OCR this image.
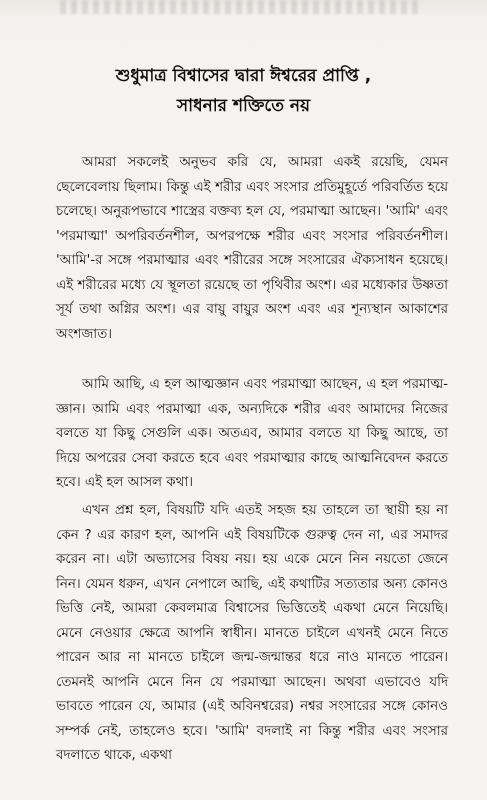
শুধুমাত্র বিশ্বাসের দ্বারা ঈশ্বরের প্রাপ্তি ,
সাধনার শক্তিতে নয়
আমরা সকলেই অনুভব করি যে, আমরা একই রয়েছি, যেমন ছেলেবেলায় ছিলাম। কিন্তু এই শরীর এবং সংসার প্রতিমুহূর্তে পরিবর্তিত হয়ে চলেছে। অনুরূপভাবে শাস্ত্রের বক্তব্য হল যে, পরমাত্মা আছেন। 'আমি' এবং 'পরমাত্মা' অপরিবর্তনশীল, অপরপক্ষে শরীর এবং সংসার পরিবর্তনশীল। 'আমি'-র সঙ্গে পরমাত্মার এবং শরীরের সঙ্গে সংসারের ঐক্যসাধন হয়েছে। এই শরীরের মধ্যে যে স্থূলতা রয়েছে তা পৃথিবীর অংশ। এর মধ্যেকার উষ্ণতা সূর্য তথা অগ্নির অংশ। এর বায়ু বায়ুর অংশ এবং এর শূন্যস্থান আকাশের অংশজাত।
আমি আছি, এ হল আত্মজ্ঞান এবং পরমাত্মা আছেন, এ হল পরমাত্ম-জ্ঞান। আমি এবং পরমাত্মা এক, অন্যদিকে শরীর এবং আমাদের নিজের বলতে যা কিছু সেগুলি এক। অতএব, আমার বলতে যা কিছু আছে, তা দিয়ে অপরের সেবা করতে হবে এবং পরমাত্মার কাছে আত্মনিবেদন করতে হবে। এই হল আসল কথা।
এখন প্রশ্ন হল, বিষয়টি যদি এতই সহজ হয় তাহলে তা স্থায়ী হয় না কেন ? এর কারণ হল, আপনি এই বিষয়টিকে গুরুত্ব দেন না, এর সমাদর করেন না। এটা অভ্যাসের বিষয় নয়। হয় একে মেনে নিন নয়তো জেনে নিন। যেমন ধরুন, এখন নেপালে আছি, এই কথাটির সত্যতার অন্য কোনও ভিত্তি নেই, আমরা কেবলমাত্র বিশ্বাসের ভিত্তিতেই একথা মেনে নিয়েছি। মেনে নেওয়ার ক্ষেত্রে আপনি স্বাধীন। মানতে চাইলে এখনই মেনে নিতে পারেন আর না মানতে চাইলে জন্ম-জন্মান্তর ধরে নাও মানতে পারেন। তেমনই আপনি মেনে নিন যে পরমাত্মা আছেন। অথবা এভাবেও যদি ভাবতে পারেন যে, আমার (এই অবিনশ্বরের) নশ্বর সংসারের সঙ্গে কোনও সম্পর্ক নেই, তাহলেও হবে। 'আমি' বদলাই না কিন্তু শরীর এবং সংসার বদলাতে থাকে, একথা
